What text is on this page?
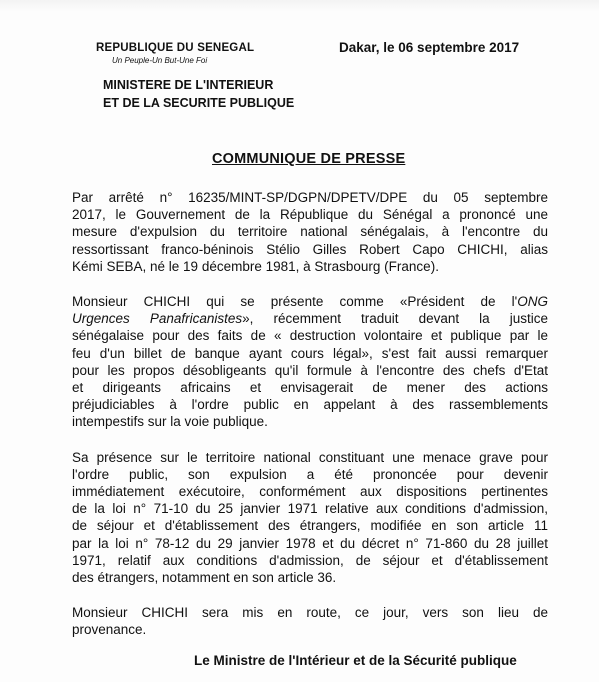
REPUBLIQUE DU SENEGAL
Un Peuple-Un But-Une Foi
MINISTERE DE L'INTERIEUR
ET DE LA SECURITE PUBLIQUE
Dakar, le 06 septembre 2017
COMMUNIQUE DE PRESSE
Par arrêté n° 16235/MINT-SP/DGPN/DPETV/DPE du 05 septembre
2017, le Gouvernement de la République du Sénégal a prononcé une
mesure d'expulsion du territoire national sénégalais, à l'encontre du
ressortissant franco-béninois Stélio Gilles Robert Capo CHICHI, alias
Kémi SEBA, né le 19 décembre 1981, à Strasbourg (France).
Monsieur CHICHI qui se présente comme «Président de l'ONG
Urgences Panafricanistes», récemment traduit devant la justice
sénégalaise pour des faits de « destruction volontaire et publique par le
feu d'un billet de banque ayant cours légal», s'est fait aussi remarquer
pour les propos désobligeants qu'il formule à l'encontre des chefs d'Etat
et dirigeants africains et envisagerait de mener des actions
préjudiciables à l'ordre public en appelant à des rassemblements
intempestifs sur la voie publique.
Sa présence sur le territoire national constituant une menace grave pour
l'ordre public, son expulsion a été prononcée pour devenir
immédiatement exécutoire, conformément aux dispositions pertinentes
de la loi n° 71-10 du 25 janvier 1971 relative aux conditions d'admission,
de séjour et d'établissement des étrangers, modifiée en son article 11
par la loi n° 78-12 du 29 janvier 1978 et du décret n° 71-860 du 28 juillet
1971, relatif aux conditions d'admission, de séjour et d'établissement
des étrangers, notamment en son article 36.
Monsieur CHICHI sera mis en route, ce jour, vers son lieu de
provenance.
Le Ministre de l'Intérieur et de la Sécurité publique
